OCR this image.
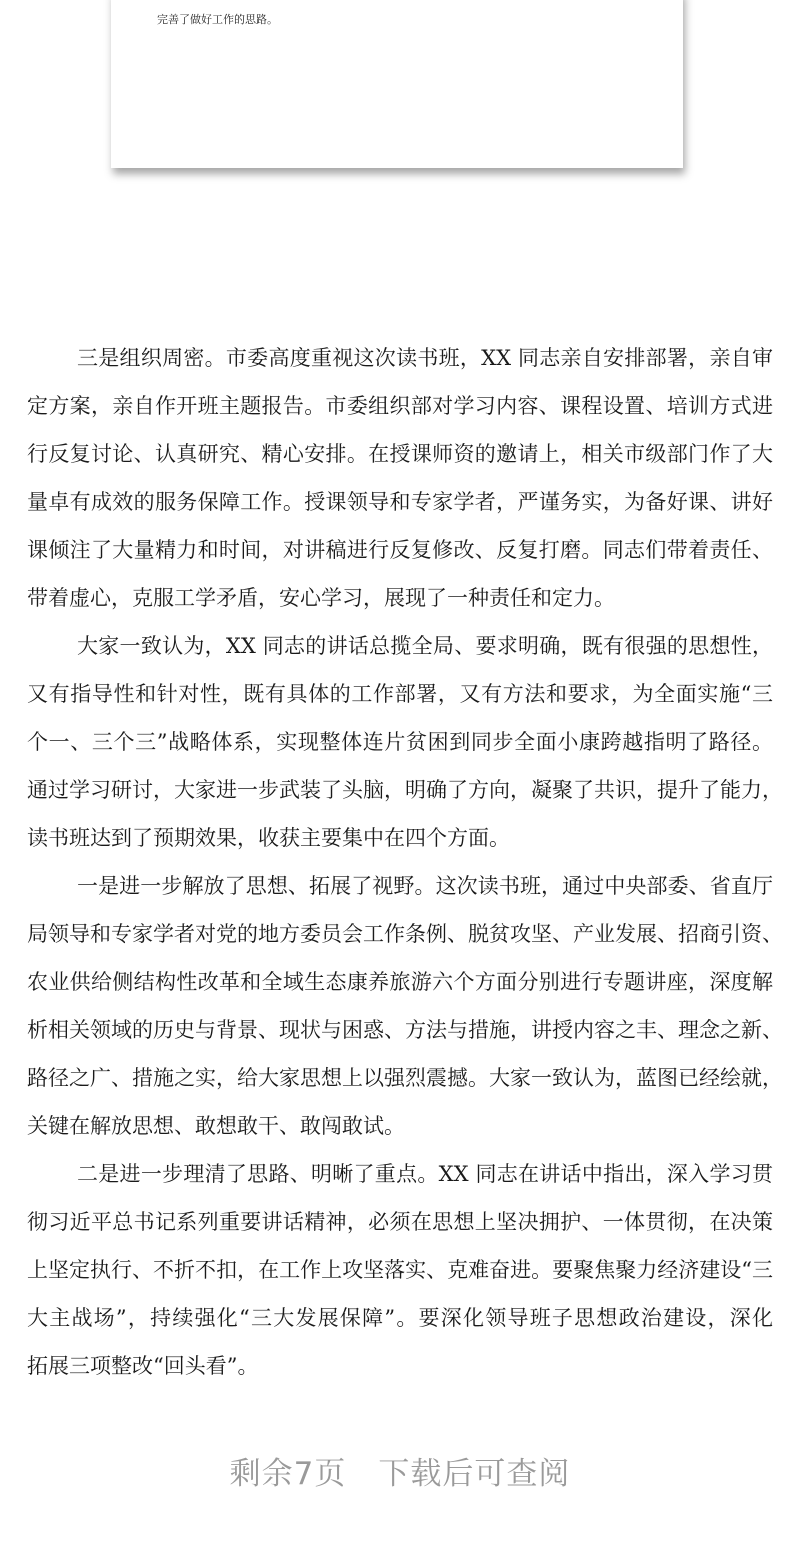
完善了做好工作的思路。
三是组织周密。市委高度重视这次读书班，XX 同志亲自安排部署，亲自审
定方案，亲自作开班主题报告。市委组织部对学习内容、课程设置、培训方式进
行反复讨论、认真研究、精心安排。在授课师资的邀请上，相关市级部门作了大
量卓有成效的服务保障工作。授课领导和专家学者，严谨务实，为备好课、讲好
课倾注了大量精力和时间，对讲稿进行反复修改、反复打磨。同志们带着责任、
带着虚心，克服工学矛盾，安心学习，展现了一种责任和定力。
大家一致认为，XX 同志的讲话总揽全局、要求明确，既有很强的思想性，
又有指导性和针对性，既有具体的工作部署，又有方法和要求，为全面实施“三
个一、三个三”战略体系，实现整体连片贫困到同步全面小康跨越指明了路径。
通过学习研讨，大家进一步武装了头脑，明确了方向，凝聚了共识，提升了能力，
读书班达到了预期效果，收获主要集中在四个方面。
一是进一步解放了思想、拓展了视野。这次读书班，通过中央部委、省直厅
局领导和专家学者对党的地方委员会工作条例、脱贫攻坚、产业发展、招商引资、
农业供给侧结构性改革和全域生态康养旅游六个方面分别进行专题讲座，深度解
析相关领域的历史与背景、现状与困惑、方法与措施，讲授内容之丰、理念之新、
路径之广、措施之实，给大家思想上以强烈震撼。大家一致认为，蓝图已经绘就，
关键在解放思想、敢想敢干、敢闯敢试。
二是进一步理清了思路、明晰了重点。XX 同志在讲话中指出，深入学习贯
彻习近平总书记系列重要讲话精神，必须在思想上坚决拥护、一体贯彻，在决策
上坚定执行、不折不扣，在工作上攻坚落实、克难奋进。要聚焦聚力经济建设“三
大主战场”，持续强化“三大发展保障”。要深化领导班子思想政治建设，深化
拓展三项整改“回头看”。
剩余7页 下载后可查阅
